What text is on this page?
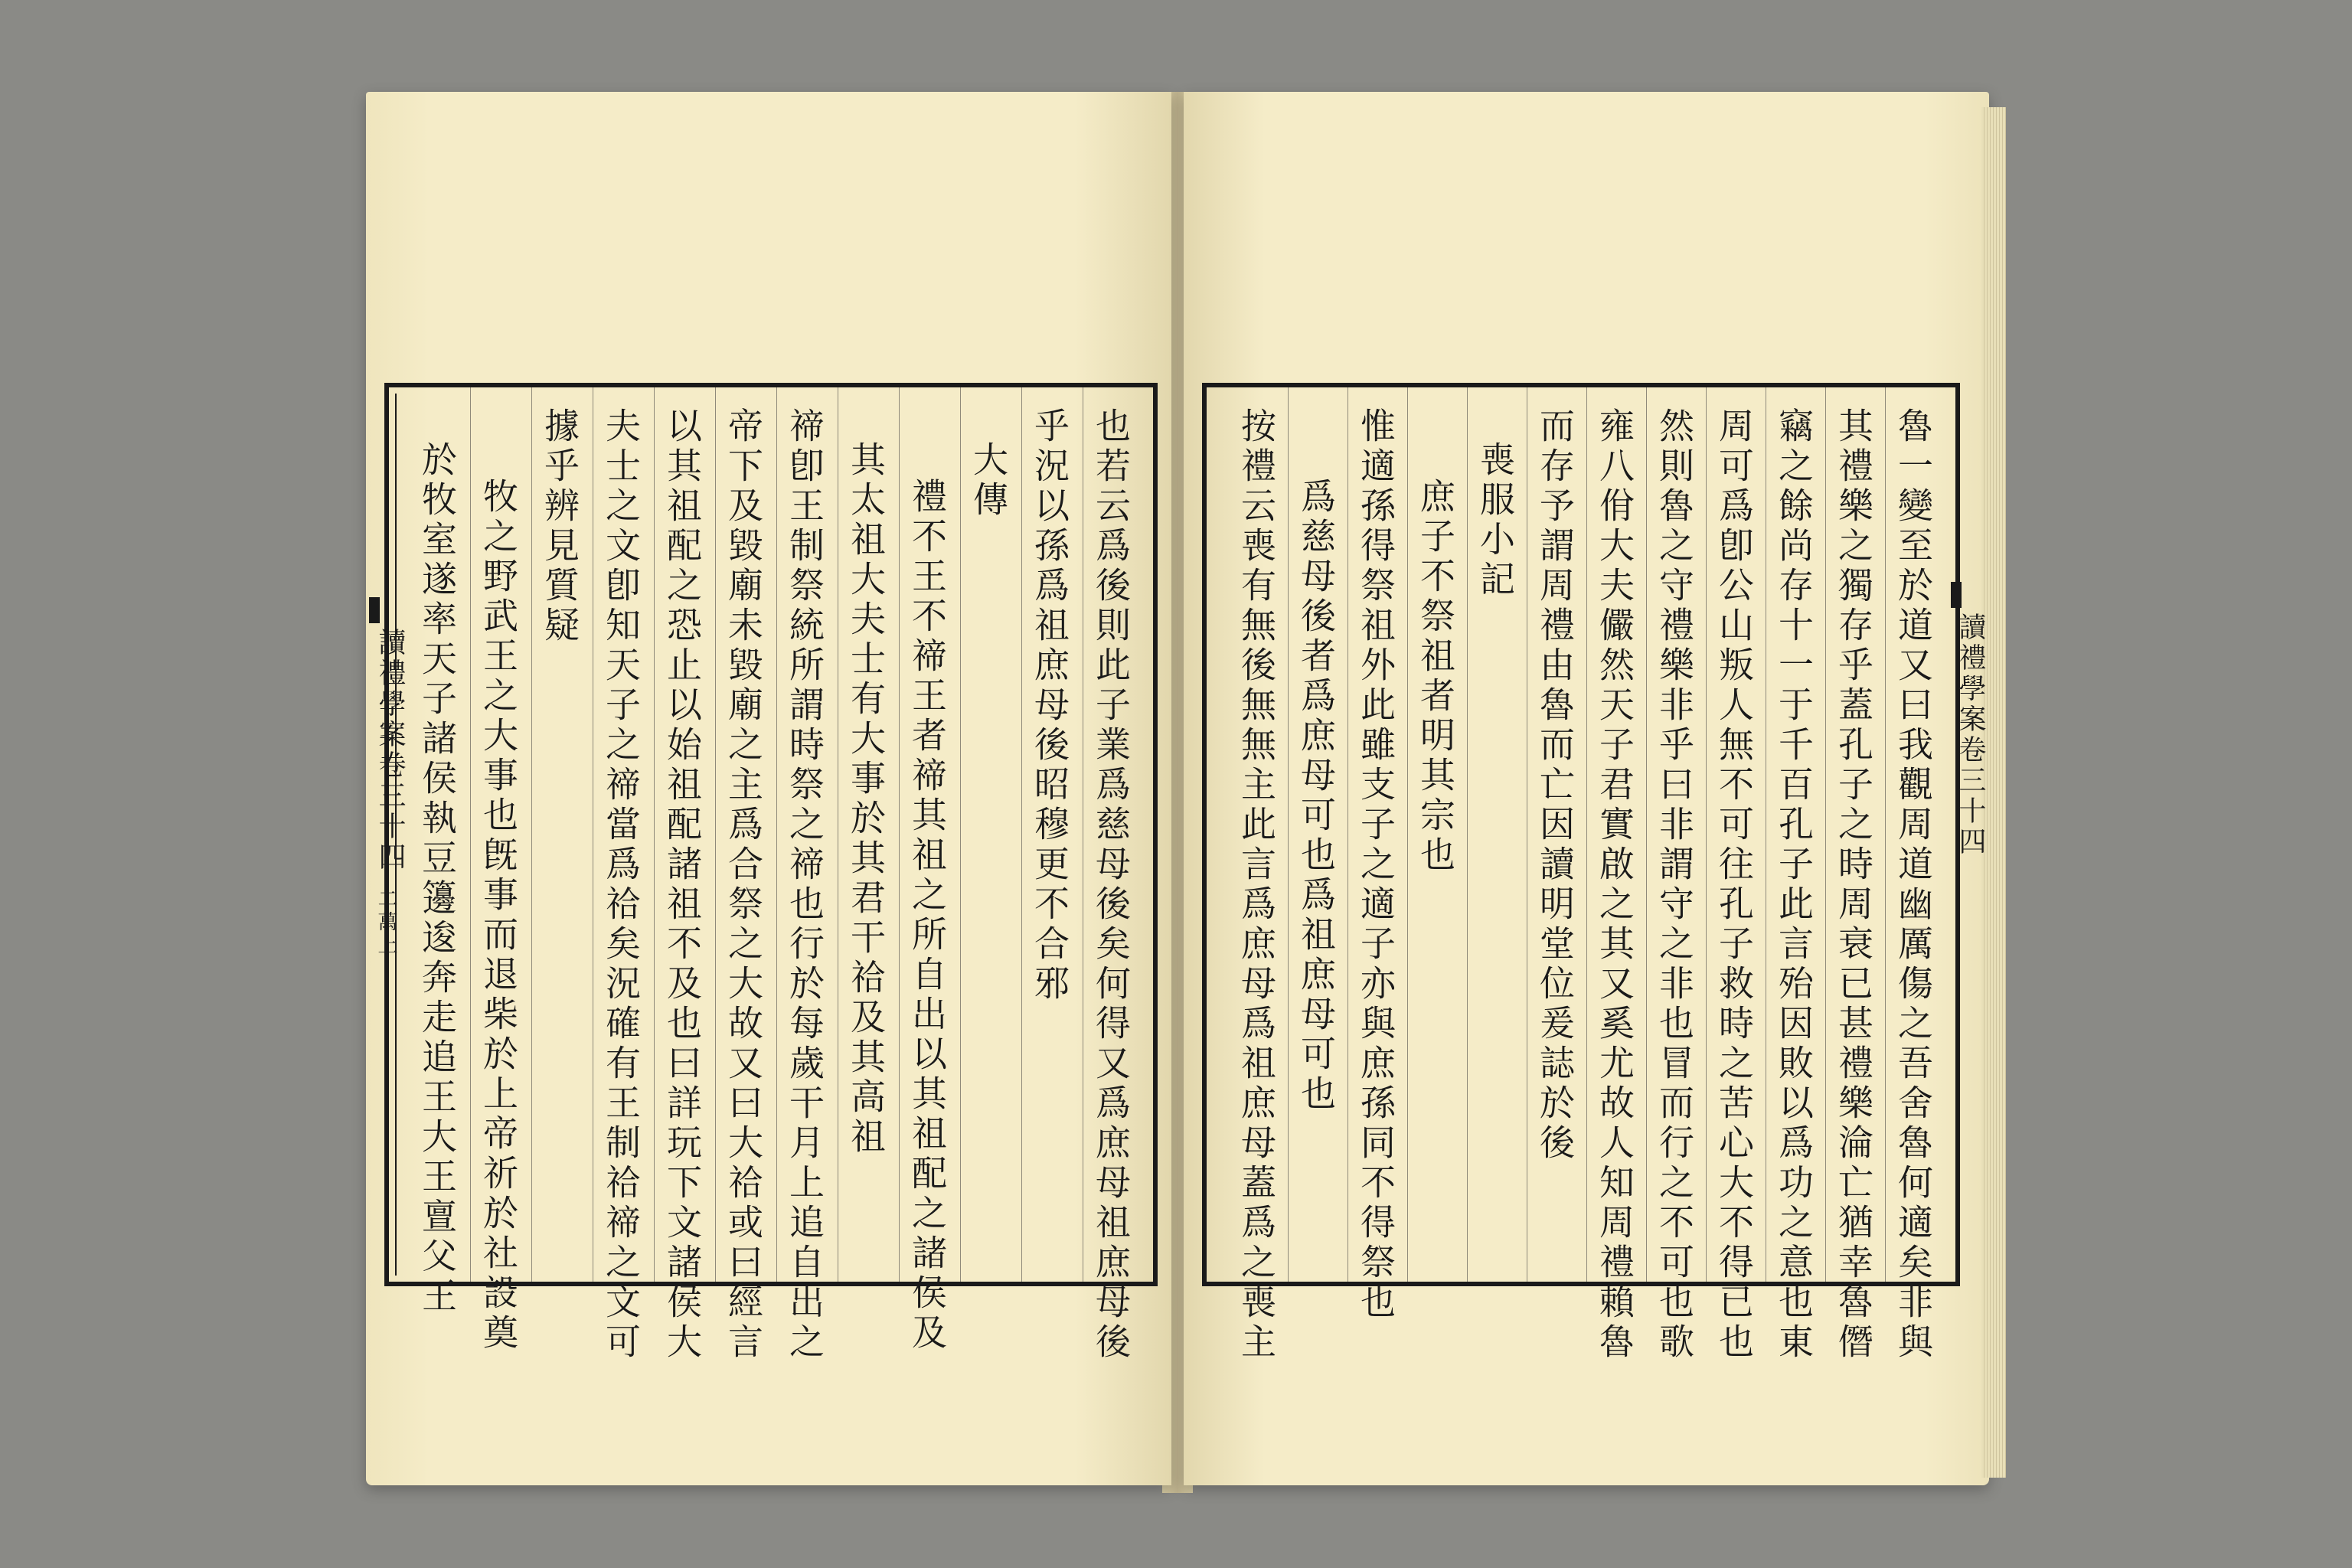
也若云爲後則此子業爲慈母後矣何得又爲庶母祖庶母後
乎況以孫爲祖庶母後昭穆更不合邪
大傳
禮不王不禘王者禘其祖之所自出以其祖配之諸侯及
其太祖大夫士有大事於其君干祫及其高祖
禘卽王制祭統所謂時祭之禘也行於每歲干月上追自出之
帝下及毀廟未毀廟之主爲合祭之大故又曰大祫或曰經言
以其祖配之恐止以始祖配諸祖不及也曰詳玩下文諸侯大
夫士之文卽知天子之禘當爲祫矣況確有王制祫禘之文可
據乎辨見質疑
牧之野武王之大事也旣事而退柴於上帝祈於社設奠
於牧室遂率天子諸侯執豆籩逡奔走追王大王亶父王	魯一變至於道又曰我觀周道幽厲傷之吾舍魯何適矣非與
其禮樂之獨存乎蓋孔子之時周衰已甚禮樂淪亡猶幸魯僭
竊之餘尚存十一于千百孔子此言殆因敗以爲功之意也東
周可爲卽公山叛人無不可往孔子救時之苦心大不得已也
然則魯之守禮樂非乎曰非謂守之非也冒而行之不可也歌
雍八佾大夫儼然天子君實啟之其又奚尤故人知周禮賴魯
而存予謂周禮由魯而亡因讀明堂位爰誌於後
喪服小記
庶子不祭祖者明其宗也
惟適孫得祭祖外此雖支子之適子亦與庶孫同不得祭也
爲慈母後者爲庶母可也爲祖庶母可也
按禮云喪有無後無無主此言爲庶母爲祖庶母蓋爲之喪主
讀禮學案卷三十四
二萬上
讀禮學案卷三十四
